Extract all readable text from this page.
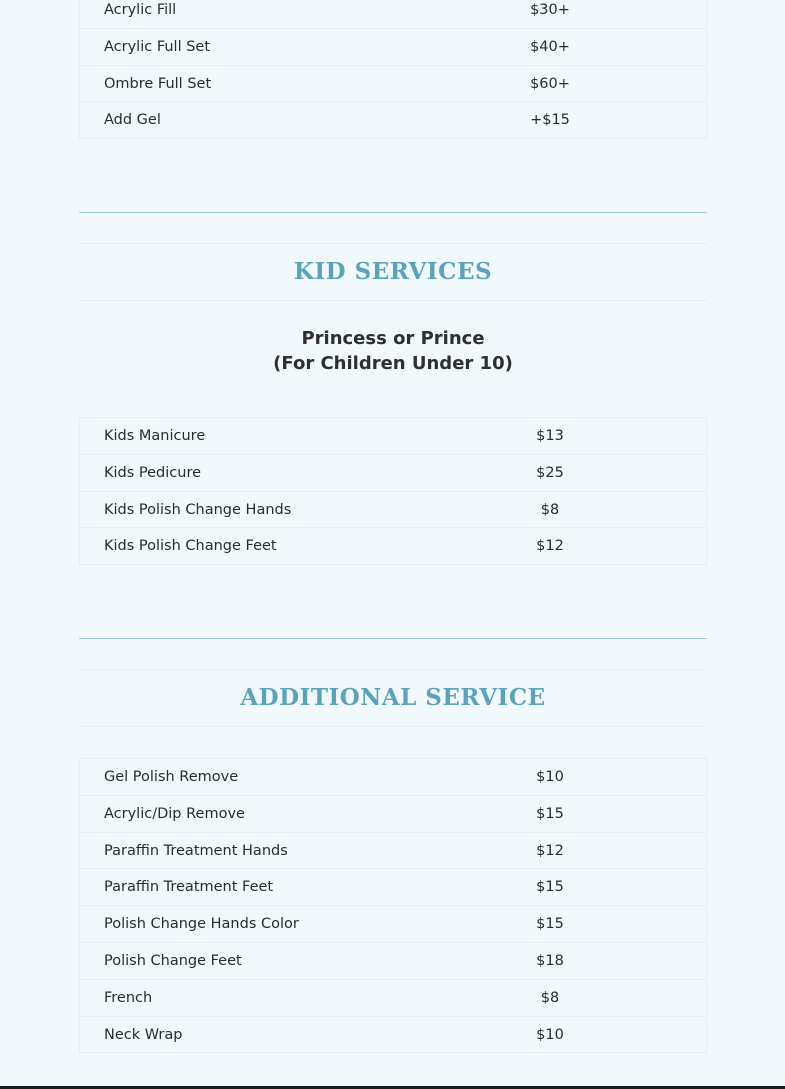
Acrylic Fill	$30+
Acrylic Full Set	$40+
Ombre Full Set	$60+
Add Gel	+$15
KID SERVICES
Princess or Prince
(For Children Under 10)
Kids Manicure	$13
Kids Pedicure	$25
Kids Polish Change Hands	$8
Kids Polish Change Feet	$12
ADDITIONAL SERVICE
Gel Polish Remove	$10
Acrylic/Dip Remove	$15
Paraffin Treatment Hands	$12
Paraffin Treatment Feet	$15
Polish Change Hands Color	$15
Polish Change Feet	$18
French	$8
Neck Wrap	$10
